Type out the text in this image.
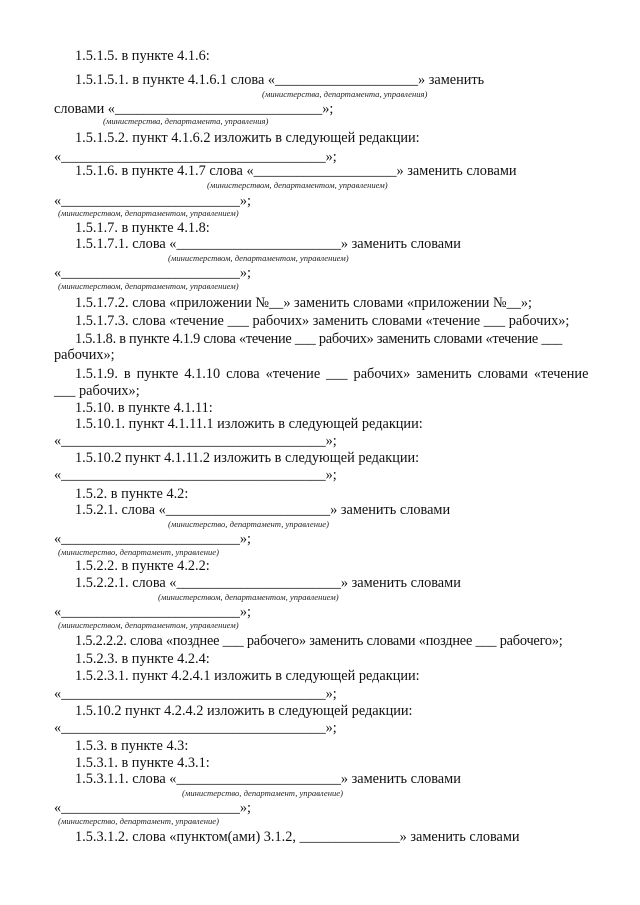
1.5.1.5. в пункте 4.1.6:
1.5.1.5.1. в пункте 4.1.6.1 слова «____________________» заменить
(министерства, департамента, управления)
словами «_____________________________»;
(министерства, департамента, управления)
1.5.1.5.2. пункт 4.1.6.2 изложить в следующей редакции:
«_____________________________________»;
1.5.1.6. в пункте 4.1.7 слова «____________________» заменить словами
(министерством, департаментом, управлением)
«_________________________»;
(министерством, департаментом, управлением)
1.5.1.7. в пункте 4.1.8:
1.5.1.7.1. слова «_______________________» заменить словами
(министерством, департаментом, управлением)
«_________________________»;
(министерством, департаментом, управлением)
1.5.1.7.2. слова «приложении №__» заменить словами «приложении №__»;
1.5.1.7.3. слова «течение ___ рабочих» заменить словами «течение ___ рабочих»;
1.5.1.8. в пункте 4.1.9 слова «течение ___ рабочих» заменить словами «течение ___
рабочих»;
1.5.1.9. в пункте 4.1.10 слова «течение ___ рабочих» заменить словами «течение
___ рабочих»;
1.5.10. в пункте 4.1.11:
1.5.10.1. пункт 4.1.11.1 изложить в следующей редакции:
«_____________________________________»;
1.5.10.2 пункт 4.1.11.2 изложить в следующей редакции:
«_____________________________________»;
1.5.2. в пункте 4.2:
1.5.2.1. слова «_______________________» заменить словами
(министерство, департамент, управление)
«_________________________»;
(министерство, департамент, управление)
1.5.2.2. в пункте 4.2.2:
1.5.2.2.1. слова «_______________________» заменить словами
(министерством, департаментом, управлением)
«_________________________»;
(министерством, департаментом, управлением)
1.5.2.2.2. слова «позднее ___ рабочего» заменить словами «позднее ___ рабочего»;
1.5.2.3. в пункте 4.2.4:
1.5.2.3.1. пункт 4.2.4.1 изложить в следующей редакции:
«_____________________________________»;
1.5.10.2 пункт 4.2.4.2 изложить в следующей редакции:
«_____________________________________»;
1.5.3. в пункте 4.3:
1.5.3.1. в пункте 4.3.1:
1.5.3.1.1. слова «_______________________» заменить словами
(министерство, департамент, управление)
«_________________________»;
(министерство, департамент, управление)
1.5.3.1.2. слова «пунктом(ами) 3.1.2, ______________» заменить словами
